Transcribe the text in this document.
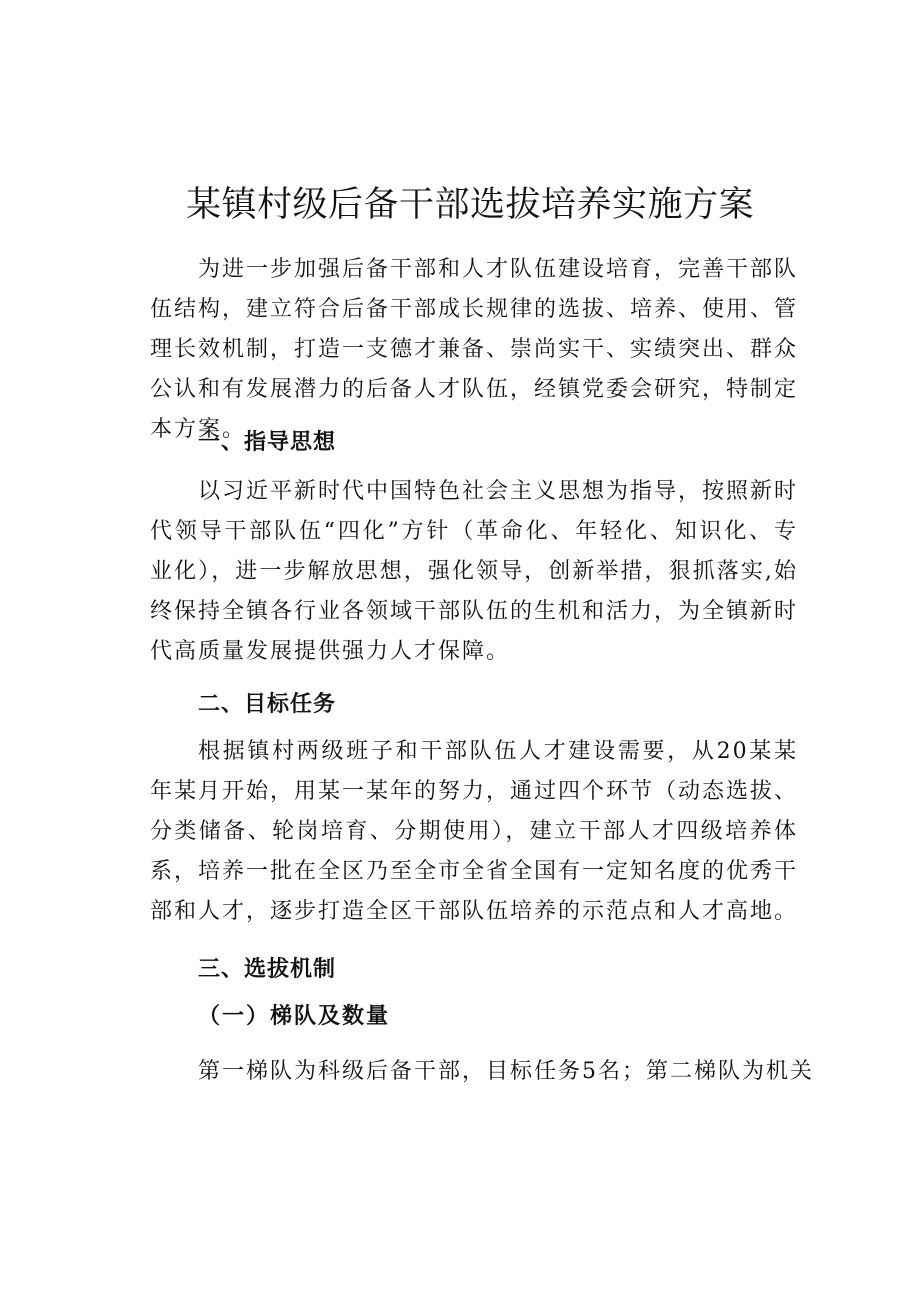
某镇村级后备干部选拔培养实施方案

为进一步加强后备干部和人才队伍建设培育，完善干部队伍结构，建立符合后备干部成长规律的选拔、培养、使用、管理长效机制，打造一支德才兼备、崇尚实干、实绩突出、群众公认和有发展潜力的后备人才队伍，经镇党委会研究，特制定本方案。

一、指导思想

以习近平新时代中国特色社会主义思想为指导，按照新时代领导干部队伍“四化”方针（革命化、年轻化、知识化、专业化），进一步解放思想，强化领导，创新举措，狠抓落实,始终保持全镇各行业各领域干部队伍的生机和活力，为全镇新时代高质量发展提供强力人才保障。

二、目标任务

根据镇村两级班子和干部队伍人才建设需要，从20某某年某月开始，用某一某年的努力，通过四个环节（动态选拔、分类储备、轮岗培育、分期使用），建立干部人才四级培养体系，培养一批在全区乃至全市全省全国有一定知名度的优秀干部和人才，逐步打造全区干部队伍培养的示范点和人才高地。

三、选拔机制
（一）梯队及数量

第一梯队为科级后备干部，目标任务5名；第二梯队为机关
